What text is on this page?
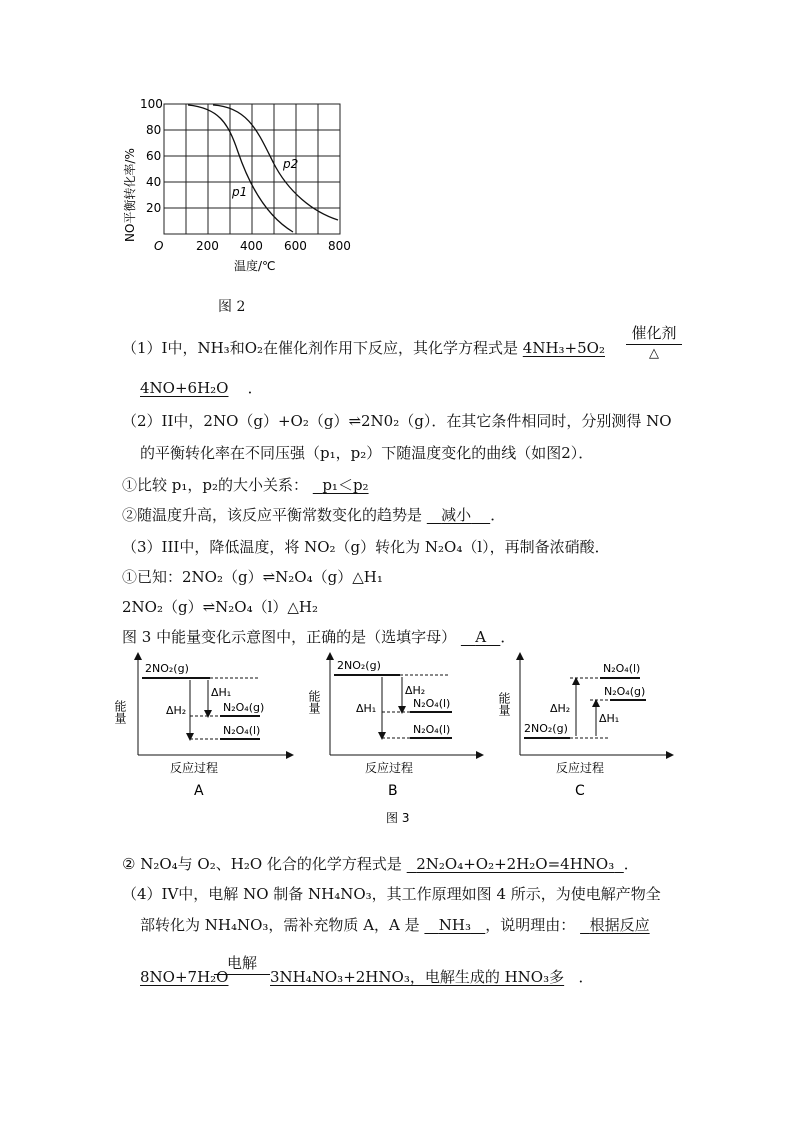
NO平衡转化率/%
100
80
60
40
20
p1
p2
O	200 400 600 800
温度/℃
图 2
（1）I中，NH₃和O₂在催化剂作用下反应，其化学方程式是 4NH₃+5O₂
催化剂
△
4NO+6H₂O ．
（2）II中，2NO（g）+O₂（g）⇌2N0₂（g）．在其它条件相同时，分别测得 NO
的平衡转化率在不同压强（p₁，p₂）下随温度变化的曲线（如图2）．
①比较 p₁，p₂的大小关系： p₁＜p₂
②随温度升高，该反应平衡常数变化的趋势是 减小 ．
（3）III中，降低温度，将 NO₂（g）转化为 N₂O₄（l），再制备浓硝酸．
①已知：2NO₂（g）⇌N₂O₄（g）△H₁
2NO₂（g）⇌N₂O₄（l）△H₂
图 3 中能量变化示意图中，正确的是（选填字母） A ．
能量
2NO₂(g)
N₂O₄(g)
N₂O₄(l)
ΔH₂
ΔH₁
反应过程
A
能量
2NO₂(g)
N₂O₄(l)
N₂O₄(l)
ΔH₁
ΔH₂
反应过程
B
能量
N₂O₄(l)
N₂O₄(g)
2NO₂(g)
ΔH₂
ΔH₁
反应过程
C
图 3
② N₂O₄与 O₂、H₂O 化合的化学方程式是 2N₂O₄+O₂+2H₂O=4HNO₃ ．
（4）IV中，电解 NO 制备 NH₄NO₃，其工作原理如图 4 所示，为使电解产物全
部转化为 NH₄NO₃，需补充物质 A，A 是 NH₃ ，说明理由： 根据反应
8NO+7H₂O
电解
3NH₄NO₃+2HNO₃，电解生成的 HNO₃多 ．
